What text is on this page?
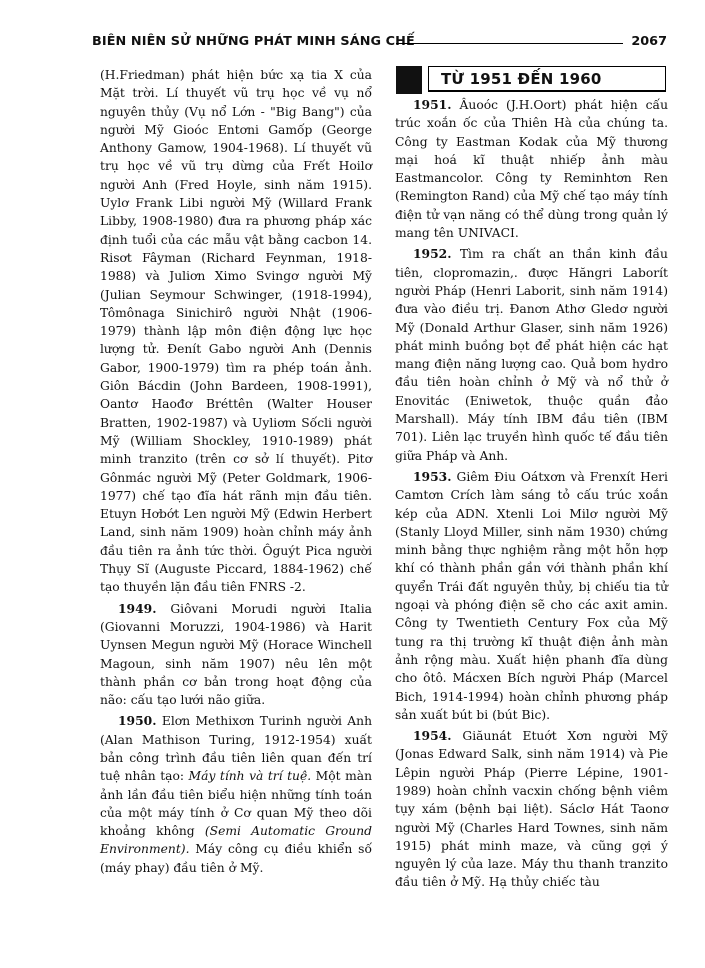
BIÊN NIÊN SỬ NHỮNG PHÁT MINH SÁNG CHẾ	2067

(H.Friedman) phát hiện bức xạ tia X của Mặt trời. Lí thuyết vũ trụ học về vụ nổ nguyên thủy (Vụ nổ Lớn - "Big Bang") của người Mỹ Gioóc Entơni Gamốp (George Anthony Gamow, 1904-1968). Lí thuyết vũ trụ học về vũ trụ dừng của Frết Hoilơ người Anh (Fred Hoyle, sinh năm 1915). Uylơ Frank Libi người Mỹ (Willard Frank Libby, 1908-1980) đưa ra phương pháp xác định tuổi của các mẫu vật bằng cacbon 14. Risơt Fâyman (Richard Feynman, 1918-1988) và Juliơn Ximo Svingơ người Mỹ (Julian Seymour Schwinger, (1918-1994), Tômônaga Sinichirô người Nhật (1906-1979) thành lập môn điện động lực học lượng tử. Đenít Gabo người Anh (Dennis Gabor, 1900-1979) tìm ra phép toán ảnh. Giôn Bácdin (John Bardeen, 1908-1991), Oantơ Haođơ Bréttên (Walter Houser Bratten, 1902-1987) và Uyliơm Sốcli người Mỹ (William Shockley, 1910-1989) phát minh tranzito (trên cơ sở lí thuyết). Pitơ Gônmác người Mỹ (Peter Goldmark, 1906-1977) chế tạo đĩa hát rãnh mịn đầu tiên. Etuyn Hơbớt Len người Mỹ (Edwin Herbert Land, sinh năm 1909) hoàn chỉnh máy ảnh đầu tiên ra ảnh tức thời. Ôguýt Pica người Thụy Sĩ (Auguste Piccard, 1884-1962) chế tạo thuyền lặn đầu tiên FNRS -2.

1949. Giôvani Morudi người Italia (Giovanni Moruzzi, 1904-1986) và Harit Uynsen Megun người Mỹ (Horace Winchell Magoun, sinh năm 1907) nêu lên một thành phần cơ bản trong hoạt động của não: cấu tạo lưới não giữa.

1950. Elơn Methixơn Turinh người Anh (Alan Mathison Turing, 1912-1954) xuất bản công trình đầu tiên liên quan đến trí tuệ nhân tạo: Máy tính và trí tuệ. Một màn ảnh lần đầu tiên biểu hiện những tính toán của một máy tính ở Cơ quan Mỹ theo dõi khoảng không (Semi Automatic Ground Environment). Máy công cụ điều khiển số (máy phay) đầu tiên ở Mỹ.

TỪ 1951 ĐẾN 1960

1951. Âuoóc (J.H.Oort) phát hiện cấu trúc xoắn ốc của Thiên Hà của chúng ta. Công ty Eastman Kodak của Mỹ thương mại hoá kĩ thuật nhiếp ảnh màu Eastmancolor. Công ty Reminhtơn Ren (Remington Rand) của Mỹ chế tạo máy tính điện tử vạn năng có thể dùng trong quản lý mang tên UNIVACI.

1952. Tìm ra chất an thần kinh đầu tiên, clopromazin,. được Hăngri Laborít người Pháp (Henri Laborit, sinh năm 1914) đưa vào điều trị. Đanơn Athơ Gledơ người Mỹ (Donald Arthur Glaser, sinh năm 1926) phát minh buồng bọt để phát hiện các hạt mang điện năng lượng cao. Quả bom hydro đầu tiên hoàn chỉnh ở Mỹ và nổ thử ở Enovitác (Eniwetok, thuộc quần đảo Marshall). Máy tính IBM đầu tiên (IBM 701). Liên lạc truyền hình quốc tế đầu tiên giữa Pháp và Anh.

1953. Giêm Điu Oátxơn và Frenxít Heri Camtơn Crích làm sáng tỏ cấu trúc xoắn kép của ADN. Xtenli Loi Milơ người Mỹ (Stanly Lloyd Miller, sinh năm 1930) chứng minh bằng thực nghiệm rằng một hỗn hợp khí có thành phần gần với thành phần khí quyển Trái đất nguyên thủy, bị chiếu tia tử ngoại và phóng điện sẽ cho các axit amin. Công ty Twentieth Century Fox của Mỹ tung ra thị trường kĩ thuật điện ảnh màn ảnh rộng màu. Xuất hiện phanh đĩa dùng cho ôtô. Mácxen Bích người Pháp (Marcel Bich, 1914-1994) hoàn chỉnh phương pháp sản xuất bút bi (bút Bic).

1954. Giăunát Etuớt Xơn người Mỹ (Jonas Edward Salk, sinh năm 1914) và Pie Lêpin người Pháp (Pierre Lépine, 1901-1989) hoàn chỉnh vacxin chống bệnh viêm tụy xám (bệnh bại liệt). Sáclơ Hát Taonơ người Mỹ (Charles Hard Townes, sinh năm 1915) phát minh maze, và cũng gợi ý nguyên lý của laze. Máy thu thanh tranzito đầu tiên ở Mỹ. Hạ thủy chiếc tàu
